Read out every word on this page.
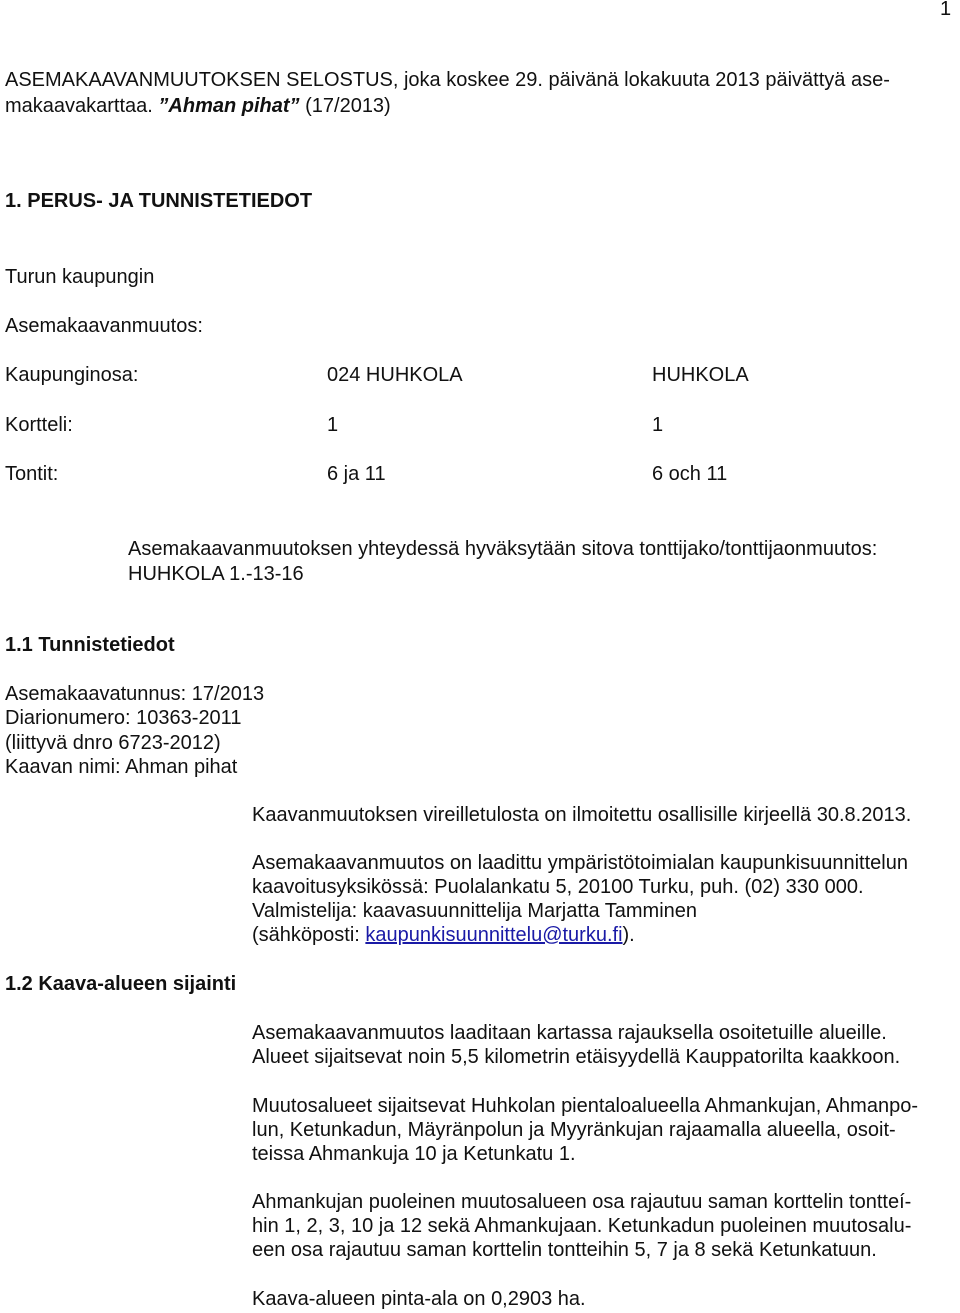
1
ASEMAKAAVANMUUTOKSEN SELOSTUS, joka koskee 29. päivänä lokakuuta 2013 päivättyä ase-
makaavakarttaa. ”Ahman pihat” (17/2013)
1. PERUS- JA TUNNISTETIEDOT
Turun kaupungin
Asemakaavanmuutos:
Kaupunginosa:	024 HUHKOLA	HUHKOLA
Kortteli:	1	1
Tontit:	6 ja 11	6 och 11
Asemakaavanmuutoksen yhteydessä hyväksytään sitova tonttijako/tonttijaonmuutos:
HUHKOLA 1.-13-16
1.1 Tunnistetiedot
Asemakaavatunnus: 17/2013
Diarionumero: 10363-2011
(liittyvä dnro 6723-2012)
Kaavan nimi: Ahman pihat
Kaavanmuutoksen vireilletulosta on ilmoitettu osallisille kirjeellä 30.8.2013.
Asemakaavanmuutos on laadittu ympäristötoimialan kaupunkisuunnittelun
kaavoitusyksikössä: Puolalankatu 5, 20100 Turku, puh. (02) 330 000.
Valmistelija: kaavasuunnittelija Marjatta Tamminen
(sähköposti: kaupunkisuunnittelu@turku.fi).
1.2 Kaava-alueen sijainti
Asemakaavanmuutos laaditaan kartassa rajauksella osoitetuille alueille.
Alueet sijaitsevat noin 5,5 kilometrin etäisyydellä Kauppatorilta kaakkoon.
Muutosalueet sijaitsevat Huhkolan pientaloalueella Ahmankujan, Ahmanpo-
lun, Ketunkadun, Mäyränpolun ja Myyränkujan rajaamalla alueella, osoit-
teissa Ahmankuja 10 ja Ketunkatu 1.
Ahmankujan puoleinen muutosalueen osa rajautuu saman korttelin tontteí-
hin 1, 2, 3, 10 ja 12 sekä Ahmankujaan. Ketunkadun puoleinen muutosalu-
een osa rajautuu saman korttelin tontteihin 5, 7 ja 8 sekä Ketunkatuun.
Kaava-alueen pinta-ala on 0,2903 ha.
